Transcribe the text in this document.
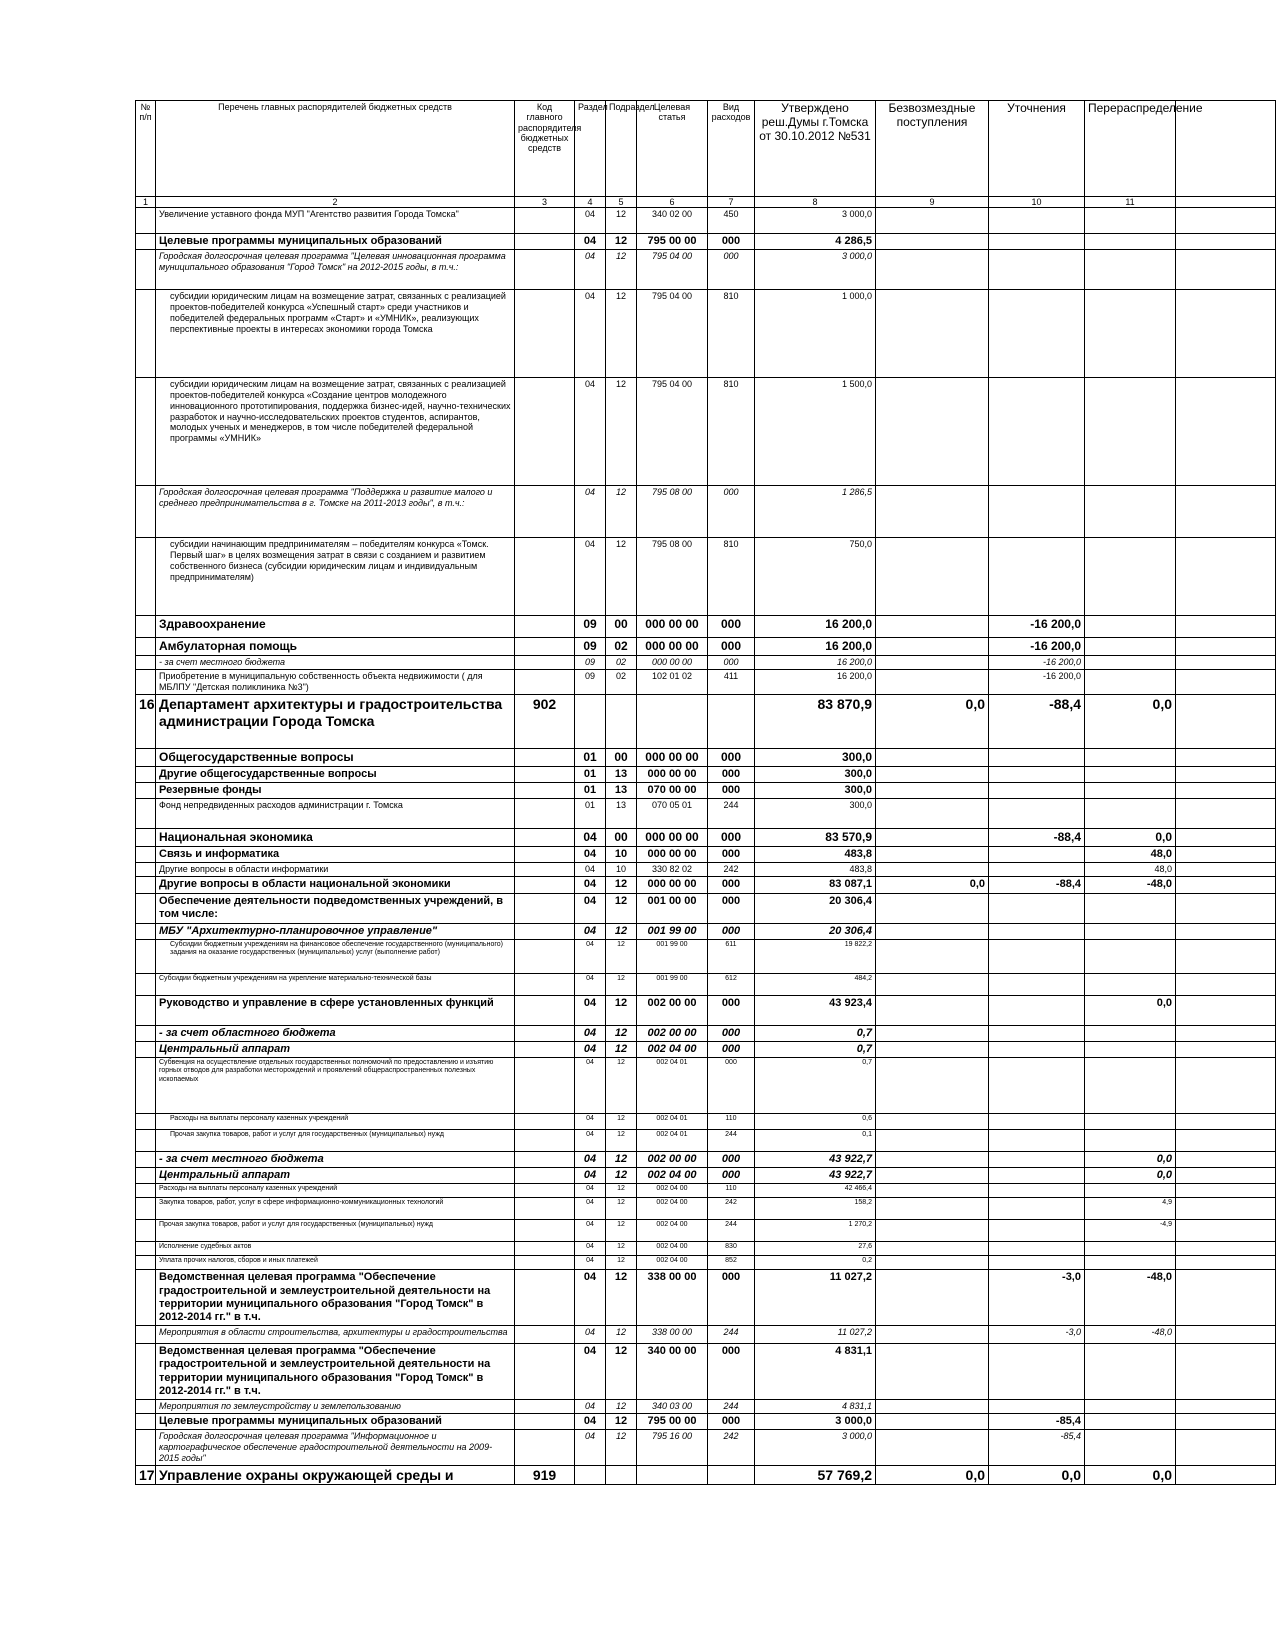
№ п/п	Перечень главных распорядителей бюджетных средств	Код главного распорядителя бюджетных средств	Раздел	Подраздел	Целевая статья	Вид расходов	Утверждено реш.Думы г.Томска от 30.10.2012 №531	Безвозмездные поступления	Уточнения	Перераспределение	
1	2	3	4	5	6	7	8	9	10	11	
	Увеличение уставного фонда МУП "Агентство развития Города Томска"		04	12	340 02 00	450	3 000,0				
	Целевые программы муниципальных образований		04	12	795 00 00	000	4 286,5				
	Городская долгосрочная целевая программа "Целевая инновационная программа муниципального образования "Город Томск" на 2012-2015 годы, в т.ч.:		04	12	795 04 00	000	3 000,0				
	субсидии юридическим лицам на возмещение затрат, связанных с реализацией проектов-победителей конкурса «Успешный старт» среди участников и победителей федеральных программ «Старт» и «УМНИК», реализующих перспективные проекты в интересах экономики города Томска		04	12	795 04 00	810	1 000,0				
	субсидии юридическим лицам на возмещение затрат, связанных с реализацией проектов-победителей конкурса «Создание центров молодежного инновационного прототипирования, поддержка бизнес-идей, научно-технических разработок и научно-исследовательских проектов студентов, аспирантов, молодых ученых и менеджеров, в том числе победителей федеральной программы «УМНИК»		04	12	795 04 00	810	1 500,0				
	Городская долгосрочная целевая программа "Поддержка и развитие малого и среднего предпринимательства в г. Томске на 2011-2013 годы", в т.ч.:		04	12	795 08 00	000	1 286,5				
	субсидии начинающим предпринимателям – победителям конкурса «Томск. Первый шаг» в целях возмещения затрат в связи с созданием и развитием собственного бизнеса (субсидии юридическим лицам и индивидуальным предпринимателям)		04	12	795 08 00	810	750,0				
	Здравоохранение		09	00	000 00 00	000	16 200,0		-16 200,0		
	Амбулаторная помощь		09	02	000 00 00	000	16 200,0		-16 200,0		
	- за счет местного бюджета		09	02	000 00 00	000	16 200,0		-16 200,0		
	Приобретение в муниципальную собственность объекта недвижимости ( для МБЛПУ "Детская поликлиника №3")		09	02	102 01 02	411	16 200,0		-16 200,0		
16	Департамент архитектуры и градостроительства администрации Города Томска	902					83 870,9	0,0	-88,4	0,0	
	Общегосударственные вопросы		01	00	000 00 00	000	300,0				
	Другие общегосударственные вопросы		01	13	000 00 00	000	300,0				
	Резервные фонды		01	13	070 00 00	000	300,0				
	Фонд непредвиденных расходов администрации г. Томска		01	13	070 05 01	244	300,0				
	Национальная экономика		04	00	000 00 00	000	83 570,9		-88,4	0,0	
	Связь и информатика		04	10	000 00 00	000	483,8			48,0	
	Другие вопросы в области информатики		04	10	330 82 02	242	483,8			48,0	
	Другие вопросы в области национальной экономики		04	12	000 00 00	000	83 087,1	0,0	-88,4	-48,0	
	Обеспечение деятельности подведомственных учреждений, в том числе:		04	12	001 00 00	000	20 306,4				
	МБУ "Архитектурно-планировочное управление"		04	12	001 99 00	000	20 306,4				
	Субсидии бюджетным учреждениям на финансовое обеспечение государственного (муниципального) задания на оказание государственных (муниципальных) услуг (выполнение работ)		04	12	001 99 00	611	19 822,2				
	Субсидии бюджетным учреждениям на укрепление материально-технической базы		04	12	001 99 00	612	484,2				
	Руководство и управление в сфере установленных функций		04	12	002 00 00	000	43 923,4			0,0	
	- за счет областного бюджета		04	12	002 00 00	000	0,7				
	Центральный аппарат		04	12	002 04 00	000	0,7				
	Субвенция на осуществление отдельных государственных полномочий по предоставлению и изъятию горных отводов для разработки месторождений и проявлений общераспространенных полезных ископаемых		04	12	002 04 01	000	0,7				
	Расходы на выплаты персоналу казенных учреждений		04	12	002 04 01	110	0,6				
	Прочая закупка товаров, работ и услуг для государственных (муниципальных) нужд		04	12	002 04 01	244	0,1				
	- за счет местного бюджета		04	12	002 00 00	000	43 922,7			0,0	
	Центральный аппарат		04	12	002 04 00	000	43 922,7			0,0	
	Расходы на выплаты персоналу казенных учреждений		04	12	002 04 00	110	42 466,4				
	Закупка товаров, работ, услуг в сфере информационно-коммуникационных технологий		04	12	002 04 00	242	158,2			4,9	
	Прочая закупка товаров, работ и услуг для государственных (муниципальных) нужд		04	12	002 04 00	244	1 270,2			-4,9	
	Исполнение судебных актов		04	12	002 04 00	830	27,6				
	Уплата прочих налогов, сборов и иных платежей		04	12	002 04 00	852	0,2				
	Ведомственная целевая программа "Обеспечение градостроительной и землеустроительной деятельности на территории муниципального образования "Город Томск" в 2012-2014 гг." в т.ч.		04	12	338 00 00	000	11 027,2		-3,0	-48,0	
	Мероприятия в области строительства, архитектуры и градостроительства		04	12	338 00 00	244	11 027,2		-3,0	-48,0	
	Ведомственная целевая программа "Обеспечение градостроительной и землеустроительной деятельности на территории муниципального образования "Город Томск" в 2012-2014 гг." в т.ч.		04	12	340 00 00	000	4 831,1				
	Мероприятия по землеустройству и землепользованию		04	12	340 03 00	244	4 831,1				
	Целевые программы муниципальных образований		04	12	795 00 00	000	3 000,0		-85,4		
	Городская долгосрочная целевая программа "Информационное и картографическое обеспечение градостроительной деятельности на 2009-2015 годы"		04	12	795 16 00	242	3 000,0		-85,4		
17	Управление охраны окружающей среды и	919					57 769,2	0,0	0,0	0,0	
